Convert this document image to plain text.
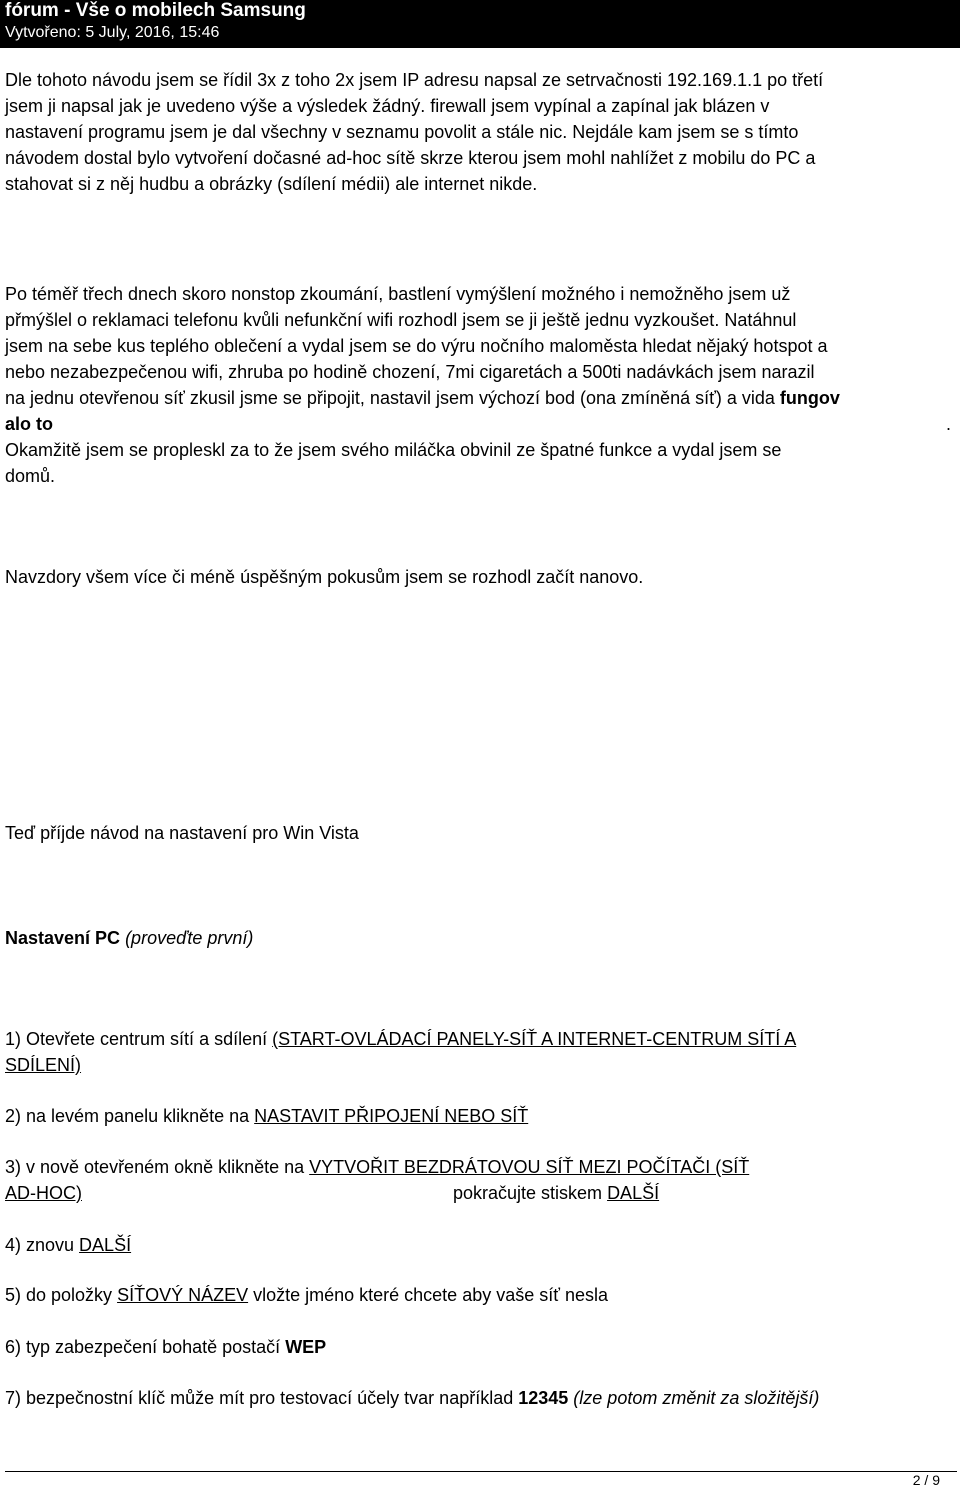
fórum - Vše o mobilech Samsung
Vytvořeno: 5 July, 2016, 15:46
Dle tohoto návodu jsem se řídil 3x z toho 2x jsem IP adresu napsal ze setrvačnosti 192.169.1.1 po třetí
jsem ji napsal jak je uvedeno výše a výsledek žádný. firewall jsem vypínal a zapínal jak blázen v
nastavení programu jsem je dal všechny v seznamu povolit a stále nic. Nejdále kam jsem se s tímto
návodem dostal bylo vytvoření dočasné ad-hoc sítě skrze kterou jsem mohl nahlížet z mobilu do PC a
stahovat si z něj hudbu a obrázky (sdílení médii) ale internet nikde.
Po téměř třech dnech skoro nonstop zkoumání, bastlení vymýšlení možného i nemožněho jsem už
přmýšlel o reklamaci telefonu kvůli nefunkční wifi rozhodl jsem se ji ještě jednu vyzkoušet. Natáhnul
jsem na sebe kus teplého oblečení a vydal jsem se do výru nočního maloměsta hledat nějaký hotspot a
nebo nezabezpečenou wifi, zhruba po hodině chození, 7mi cigaretách a 500ti nadávkách jsem narazil
na jednu otevřenou síť zkusil jsme se připojit, nastavil jsem výchozí bod (ona zmíněná síť) a vida fungov
alo to	.
Okamžitě jsem se propleskl za to že jsem svého miláčka obvinil ze špatné funkce a vydal jsem se
domů.
Navzdory všem více či méně úspěšným pokusům jsem se rozhodl začít nanovo.
Teď příjde návod na nastavení pro Win Vista
Nastavení PC (proveďte první)
1) Otevřete centrum sítí a sdílení (START-OVLÁDACÍ PANELY-SÍŤ A INTERNET-CENTRUM SÍTÍ A
SDÍLENÍ)
2) na levém panelu klikněte na NASTAVIT PŘIPOJENÍ NEBO SÍŤ
3) v nově otevřeném okně klikněte na VYTVOŘIT BEZDRÁTOVOU SÍŤ MEZI POČÍTAČI (SÍŤ
AD-HOC)	pokračujte stiskem DALŠÍ
4) znovu DALŠÍ
5) do položky SÍŤOVÝ NÁZEV vložte jméno které chcete aby vaše síť nesla
6) typ zabezpečení bohatě postačí WEP
7) bezpečnostní klíč může mít pro testovací účely tvar například 12345 (lze potom změnit za složitější)
2 / 9
